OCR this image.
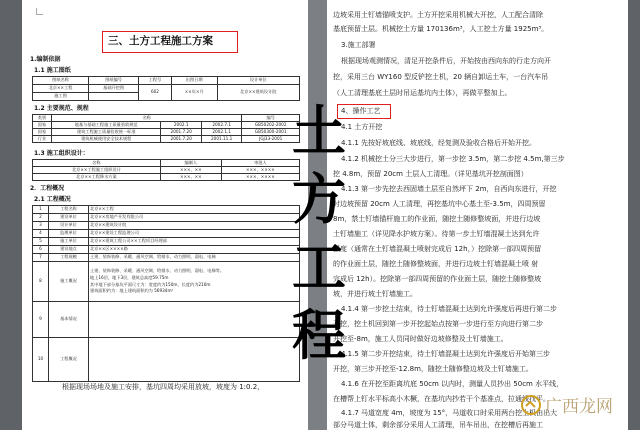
三、土方工程施工方案
1.编制依据
1.1 施工图纸
图纸名称	图纸编号	工程号	出图日期	设计单位
北京××工程	基础开挖图	602	××年×月	北京××建筑设计院
施工图				
1.2 主要规范、规程
类别	名称			编号
国家	地基与基础工程施工质量验收规范	2002.1	2002.7.1	GB50202-2002
国家	建筑工程施工质量验收统一标准	2001.7.20	2002.1.1	GB50300-2001
行业	建筑机械使用安全技术规程	2001.7.20	2001.11.1	JGJ33-2001
1.3 施工组织设计：
名称	编制人	审批人
北京××工程施工组织设计	×××、××	×××、××××
北京××工程降水方案	×××、××	×××、××××
2．工程概况
2.1 工程概况
1	工程名称	北京××工程
2	建设单位	北京××房地产开发有限公司
3	设计单位	北京××建筑设计院
4	监理单位	北京××建设工程监理公司
5	施工单位	北京××建筑工程公司××工程项目经理部
6	建设地点	北京××区××××路
7	工程规模	土建、装饰装修、采暖、通风空调、给排水、动力照明、弱电、电梯
8	施工概况	土建、装饰装修、采暖、通风空调、给排水、动力照明、弱电、电梯等。
地上16层，地下3层，建筑总高度59.75m
其中地下部分基坑平面尺寸为：宽度约为150m，长度约为210m
建筑面积约为：地上建筑面积约为 56934m²

9	基本情况	
10	工程概况	
根据现场场地及施工安排，基坑四周均采用放坡，坡度为 1:0.2，
边坡采用土钉墙锚喷支护。土方开挖采用机械大开挖，人工配合清除
基底预留土层。机械挖土方量 170136m³，人工挖土方量 1925m³。
3.施工部署
根据现场观测情况，清足开挖条件后，开始按由西向东的行走方向开
挖，采用三台 WY160 型反铲挖土机，20 辆自卸运土车，一台汽车吊
（人工清理基底土层时吊运基坑内土体），再做平整加上。
4、操作工艺
4.1 土方开挖
4.1.1 先按好坡底线、坡底线，经复测及验收合格后开始开挖。
4.1.2 机械挖土分三大步进行，第一步挖 3.5m，第二步挖 4.5m,第三步
挖 4.8m，预留 20cm 土层人工清理。（详见基坑开挖剖面图）
4.1.3 第一步先挖去西固墙土层至自然坪下 2m，自西向东进行，开挖
时边坡预留 20cm 人工清理，再挖基坑中心基土至-3.5m，四周预留
8m，禁土钉墙锚杆施工的作业面，随挖土随修整坡面，并进行边坡
土钉墙施工（详见降水护坡方案）。待第一步土钉墙混凝土达到允许
强度（通常在土钉墙混凝土喷射完成后 12h，）挖除第一部四周预留
的作业面土层，随挖土随修整坡面，并进行边坡土钉墙混凝土喷 射
完成后 12h）。挖除第一部四周预留的作业面土层，随挖土随修整坡
坡，并进行坡土钉墙施工。
4.1.4 第一步挖土结束，待土钉墙混凝土达到允许强度后再进行第二步
开挖，挖土机回到第一步开挖起始点按第一步进行至方向进行第二步
开挖至-8m，施工人员同时做好边坡修整及土钉墙施工。
4.1.5 第二步开挖结束，待土钉墙混凝土达到允许强度后开始第三步
开挖，第三步开挖至-12.8m，随挖土随修整边坡及土钉墙施工。
4.1.6 在开挖至距离坑底 50cm 以内时，测量人员抄出 50cm 水平线，
在槽帮上钉水平标高小木橛，在基坑内抄若干个基准点，拉通线找平。
4.1.7 马道宽度 4m，坡度为 15°，马道收口时采用两台挖土机由出大
部分马道土体，剩余部分采用人工清理，吊车吊出，在挖槽后再施工
土
方
工
程
广西龙网
